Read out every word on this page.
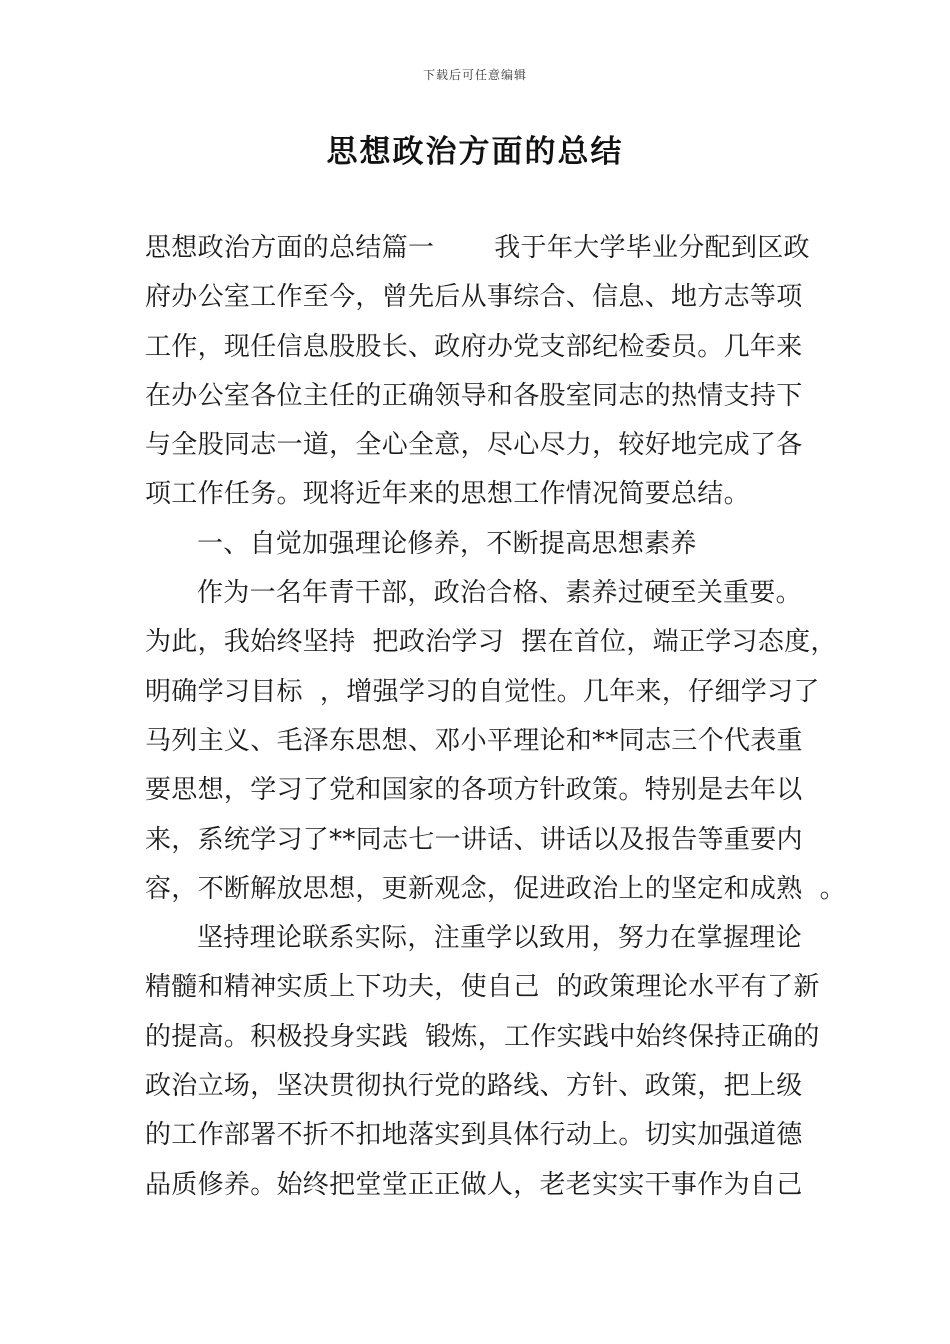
下载后可任意编辑
思想政治方面的总结
思想政治方面的总结篇一       我于年大学毕业分配到区政
府办公室工作至今，曾先后从事综合、信息、地方志等项
工作，现任信息股股长、政府办党支部纪检委员。几年来
在办公室各位主任的正确领导和各股室同志的热情支持下
与全股同志一道，全心全意，尽心尽力，较好地完成了各
项工作任务。现将近年来的思想工作情况简要总结。
一、自觉加强理论修养，不断提高思想素养
作为一名年青干部，政治合格、素养过硬至关重要。
为此，我始终坚持  把政治学习  摆在首位，端正学习态度，
明确学习目标  ，增强学习的自觉性。几年来，仔细学习了
马列主义、毛泽东思想、邓小平理论和**同志三个代表重
要思想，学习了党和国家的各项方针政策。特别是去年以
来，系统学习了**同志七一讲话、讲话以及报告等重要内
容，不断解放思想，更新观念，促进政治上的坚定和成熟  。
坚持理论联系实际，注重学以致用，努力在掌握理论
精髓和精神实质上下功夫，使自己  的政策理论水平有了新
的提高。积极投身实践  锻炼，工作实践中始终保持正确的
政治立场，坚决贯彻执行党的路线、方针、政策，把上级
的工作部署不折不扣地落实到具体行动上。切实加强道德
品质修养。始终把堂堂正正做人，老老实实干事作为自己
